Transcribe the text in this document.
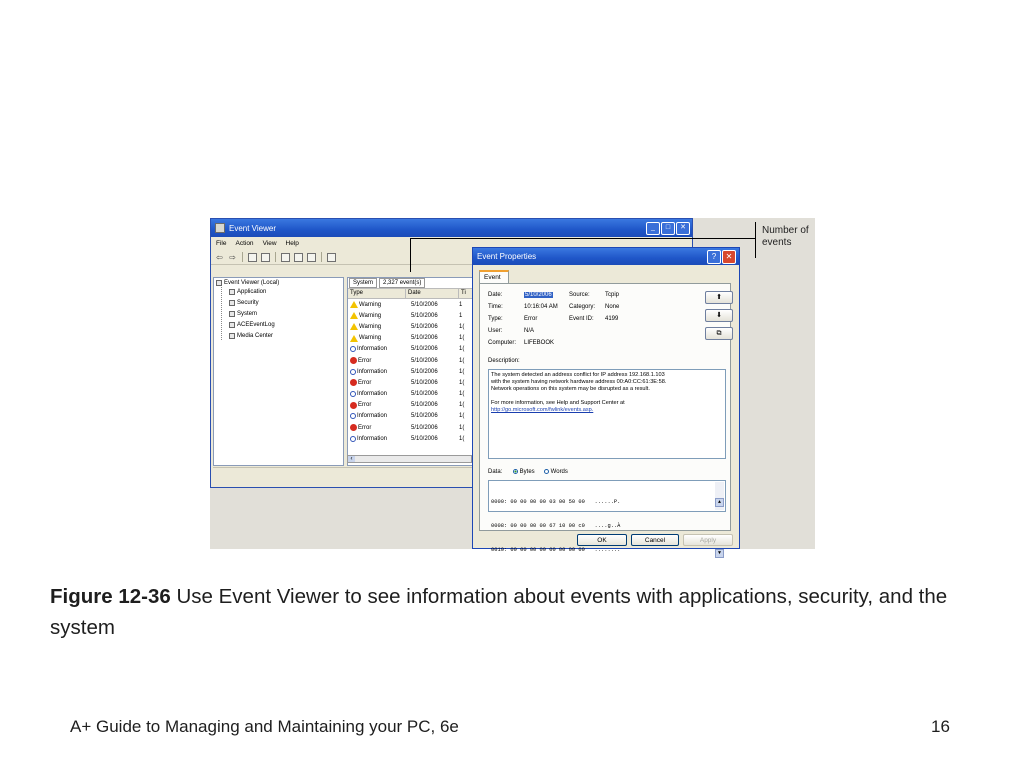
Event Viewer	_	□	✕
File Action View Help
⇦ ⇨
Event Viewer (Local)
Application
Security
System
ACEEventLog
Media Center
System	2,327 event(s)
Type	Date	Ti
Warning	5/10/2006	1
Warning	5/10/2006	1
Warning	5/10/2006	1(
Warning	5/10/2006	1(
Information	5/10/2006	1(
Error	5/10/2006	1(
Information	5/10/2006	1(
Error	5/10/2006	1(
Information	5/10/2006	1(
Error	5/10/2006	1(
Information	5/10/2006	1(
Error	5/10/2006	1(
Information	5/10/2006	1(
‹
Event Properties	?	✕
Event
Date:	5/10/2006	Source:	Tcpip
Time:	10:16:04 AM Category: None
Type:	Error	Event ID: 4199
User:	N/A
Computer: LIFEBOOK
⬆
⬇
⧉
Description:
The system detected an address conflict for IP address 192.168.1.103
with the system having network hardware address 00:A0:CC:61:3E:58.
Network operations on this system may be disrupted as a result.
For more information, see Help and Support Center at
http://go.microsoft.com/fwlink/events.asp.
Data:	Bytes	Words

0000: 00 00 00 00 03 00 50 00   ......P.

0008: 00 00 00 00 67 10 00 c0   ....g..À

0010: 00 00 00 00 00 00 00 00   ........

▲

▼

OK	Cancel	Apply
Number of
events
Figure 12-36 Use Event Viewer to see information about events with applications, security, and the system
A+ Guide to Managing and Maintaining your PC, 6e	16
